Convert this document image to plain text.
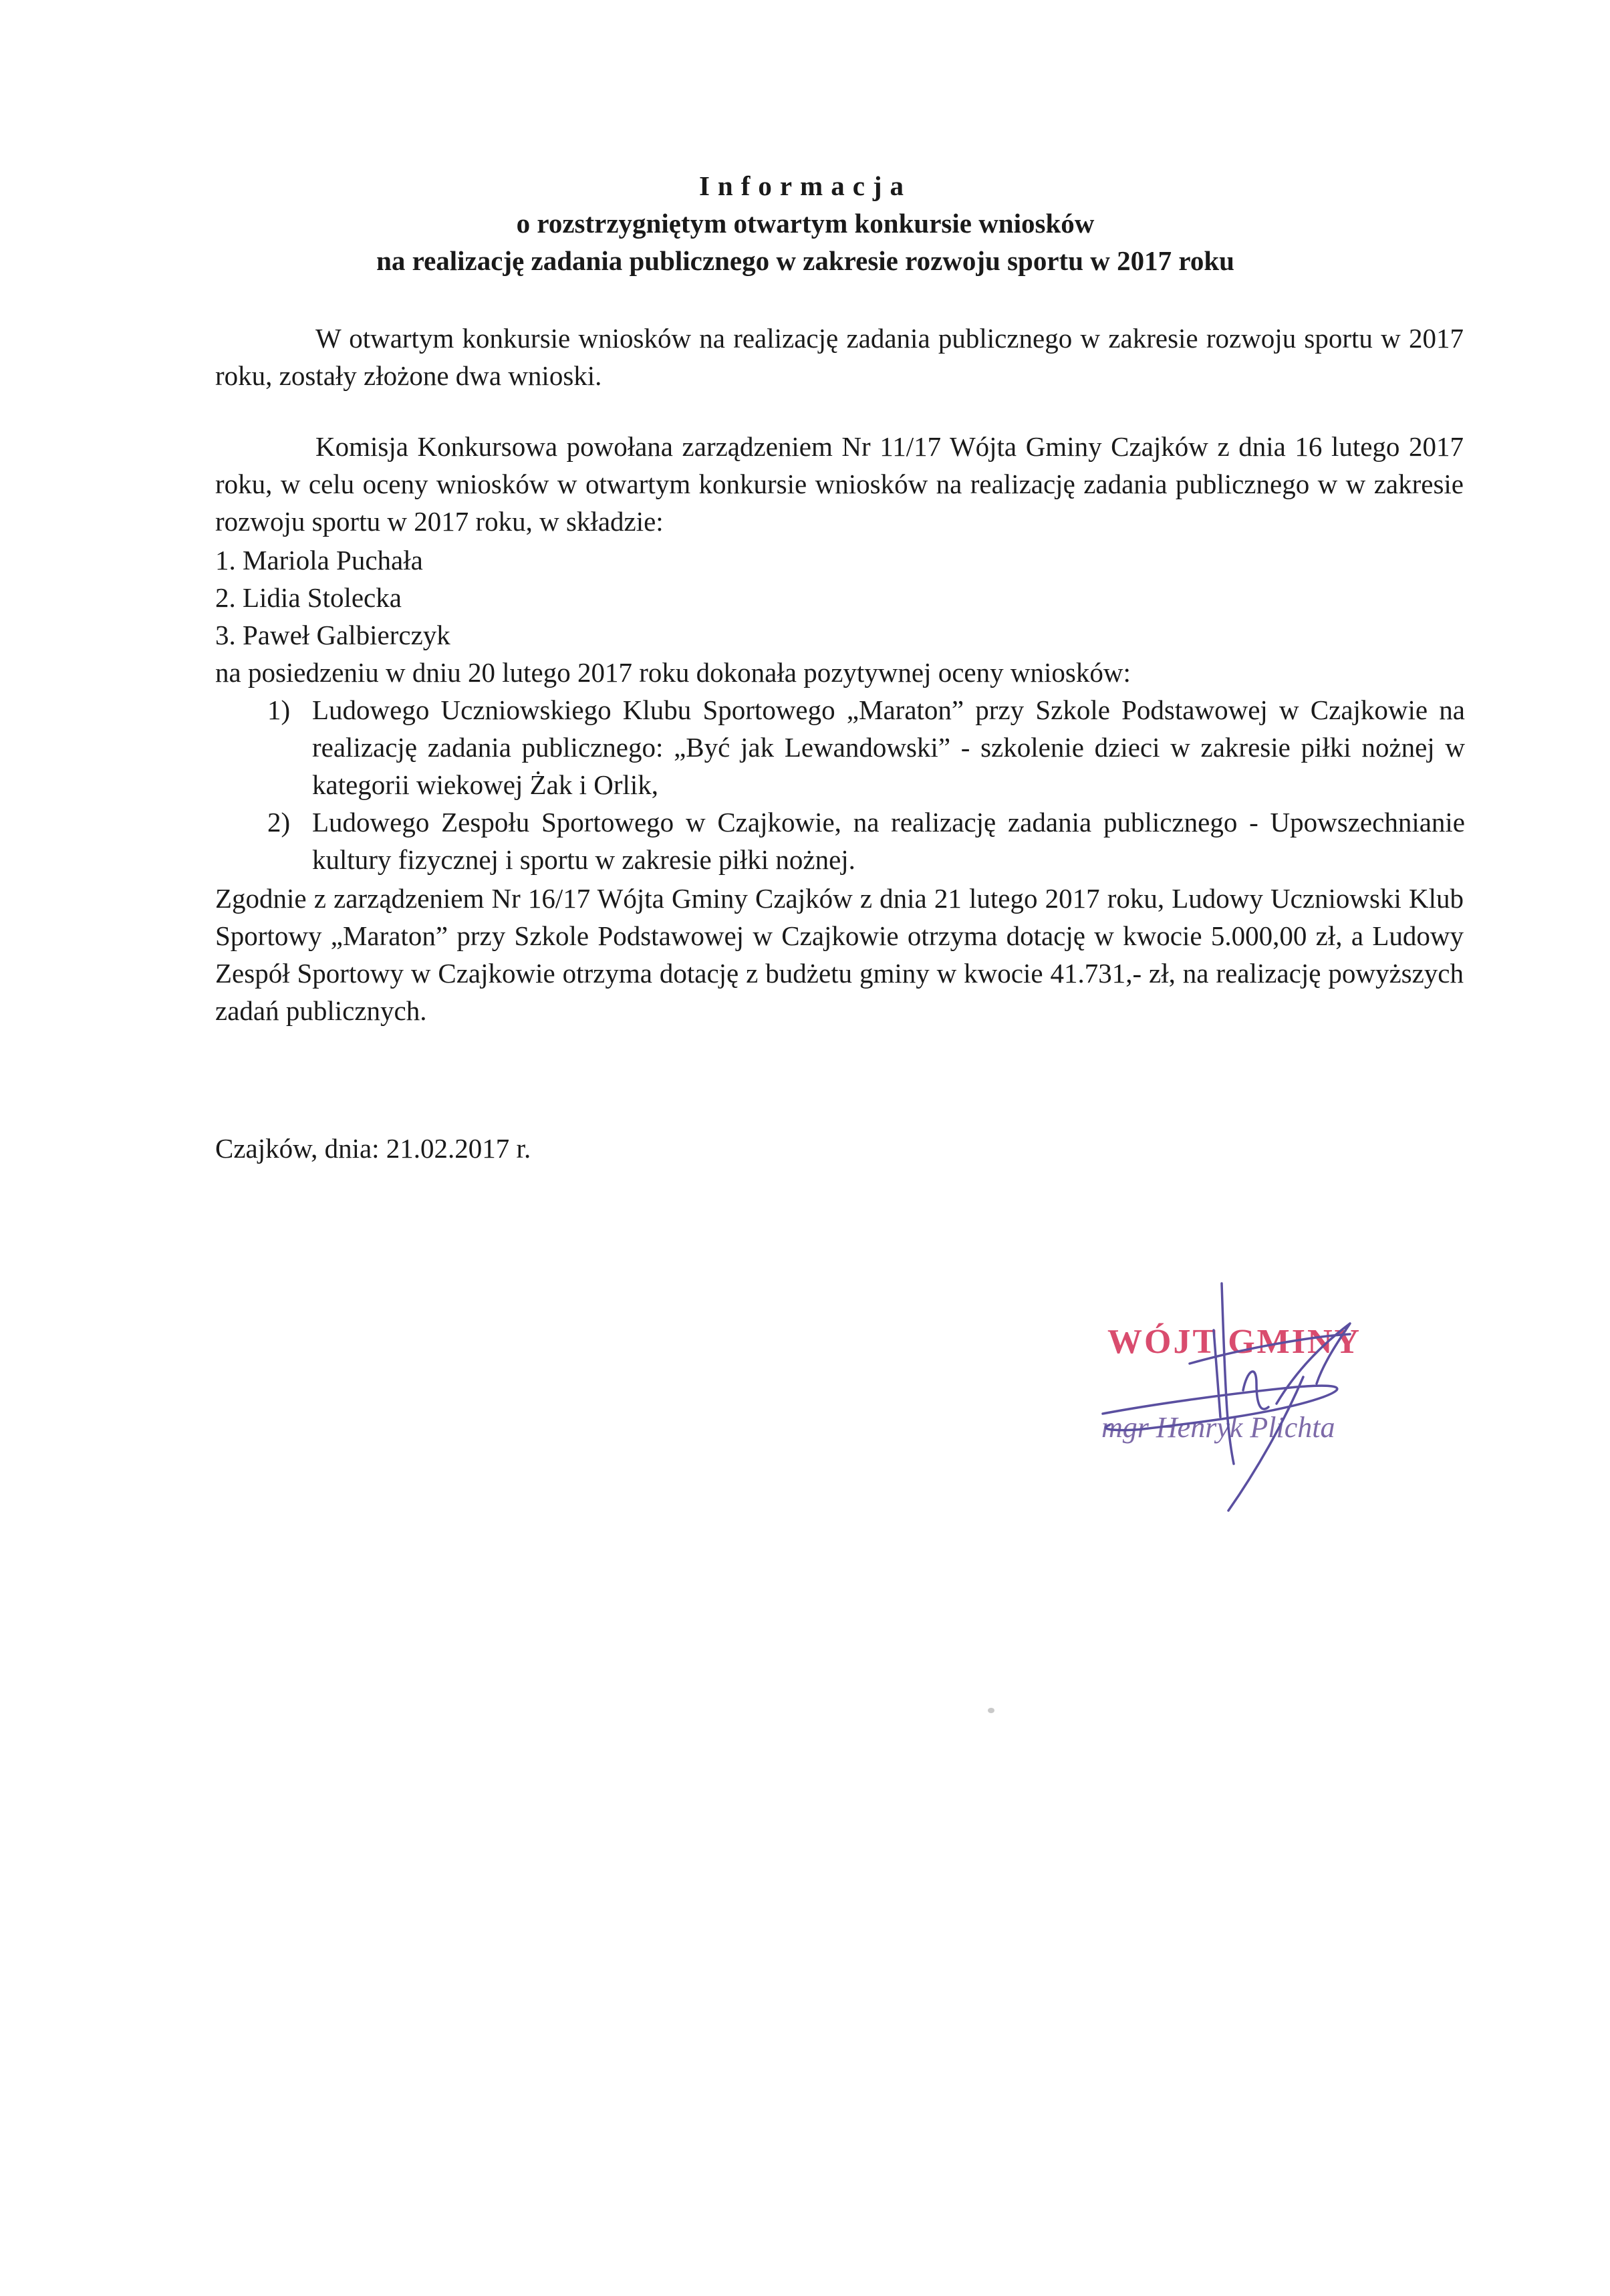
Informacja
o rozstrzygniętym otwartym konkursie wniosków
na realizację zadania publicznego w zakresie rozwoju sportu w 2017 roku
W otwartym konkursie wniosków na realizację zadania publicznego w zakresie rozwoju sportu w 2017 roku, zostały złożone dwa wnioski.
Komisja Konkursowa powołana zarządzeniem Nr 11/17 Wójta Gminy Czajków z dnia 16 lutego 2017 roku, w celu oceny wniosków w otwartym konkursie wniosków na realizację zadania publicznego w w zakresie rozwoju sportu w 2017 roku, w składzie:
1. Mariola Puchała
2. Lidia Stolecka
3. Paweł Galbierczyk
na posiedzeniu w dniu 20 lutego 2017 roku dokonała pozytywnej oceny wniosków:
1) Ludowego Uczniowskiego Klubu Sportowego „Maraton” przy Szkole Podstawowej w Czajkowie na realizację zadania publicznego: „Być jak Lewandowski” - szkolenie dzieci w zakresie piłki nożnej w kategorii wiekowej Żak i Orlik,
2) Ludowego Zespołu Sportowego w Czajkowie, na realizację zadania publicznego - Upowszechnianie kultury fizycznej i sportu w zakresie piłki nożnej.
Zgodnie z zarządzeniem Nr 16/17 Wójta Gminy Czajków z dnia 21 lutego 2017 roku, Ludowy Uczniowski Klub Sportowy „Maraton” przy Szkole Podstawowej w Czajkowie otrzyma dotację w kwocie 5.000,00 zł, a Ludowy Zespół Sportowy w Czajkowie otrzyma dotację z budżetu gminy w kwocie 41.731,- zł, na realizację powyższych zadań publicznych.
Czajków, dnia: 21.02.2017 r.
WÓJT GMINY
mgr Henryk Plichta
